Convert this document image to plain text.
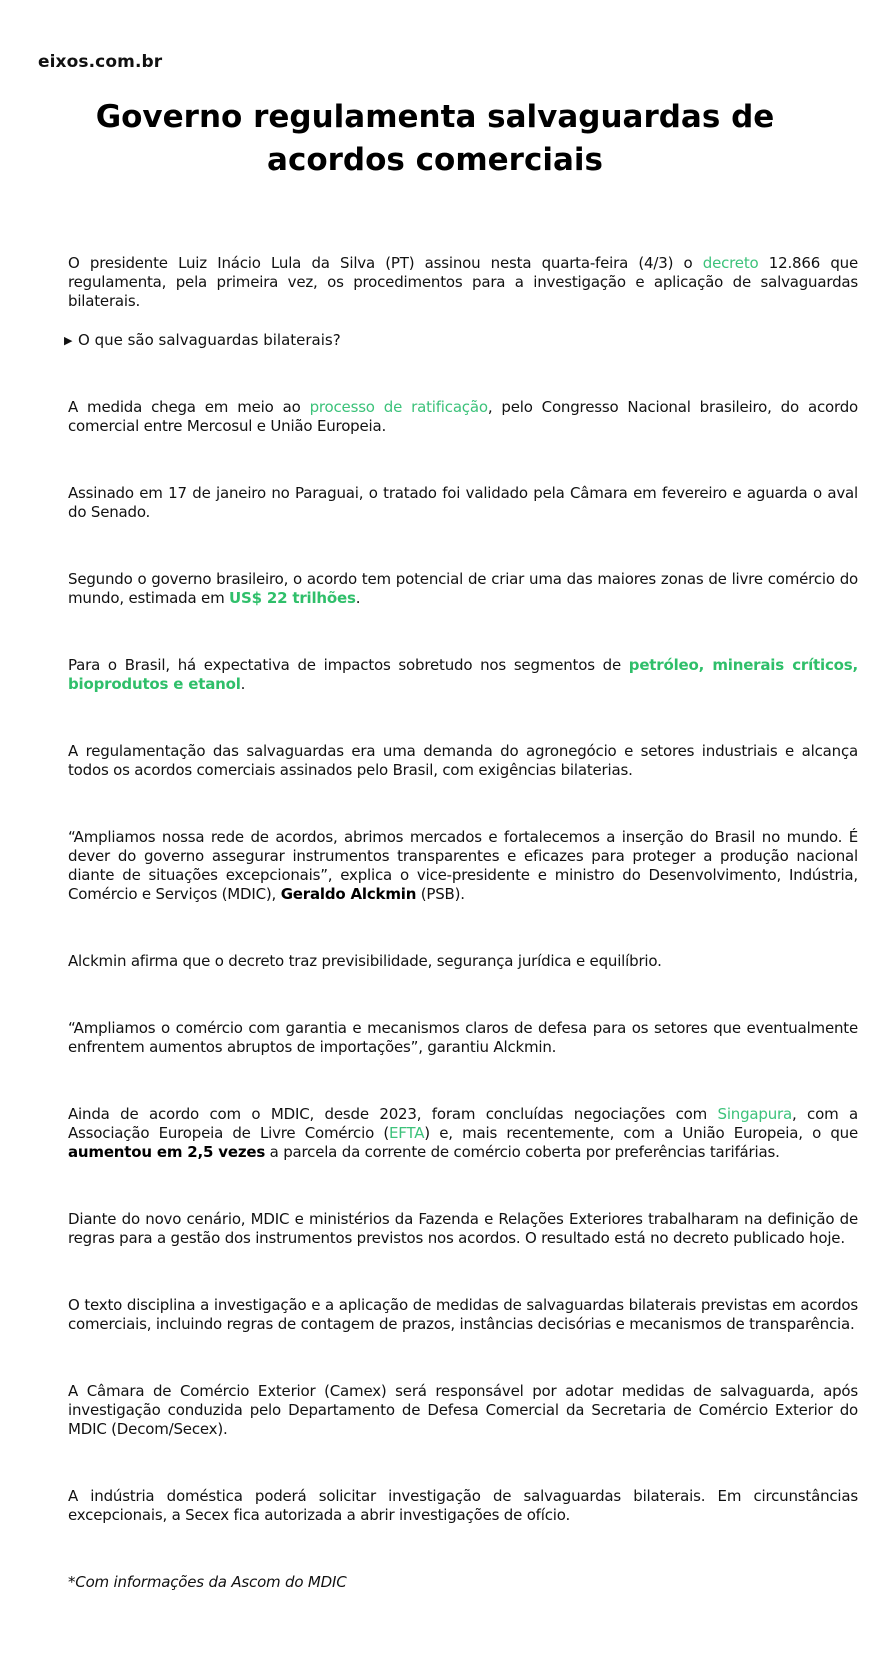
eixos.com.br
Governo regulamenta salvaguardas de acordos comerciais

O presidente Luiz Inácio Lula da Silva (PT) assinou nesta quarta-feira (4/3) o decreto 12.866 que regulamenta, pela primeira vez, os procedimentos para a investigação e aplicação de salvaguardas bilaterais.

▶ O que são salvaguardas bilaterais?

A medida chega em meio ao processo de ratificação, pelo Congresso Nacional brasileiro, do acordo comercial entre Mercosul e União Europeia.

Assinado em 17 de janeiro no Paraguai, o tratado foi validado pela Câmara em fevereiro e aguarda o aval do Senado.

Segundo o governo brasileiro, o acordo tem potencial de criar uma das maiores zonas de livre comércio do mundo, estimada em US$ 22 trilhões.

Para o Brasil, há expectativa de impactos sobretudo nos segmentos de petróleo, minerais críticos, bioprodutos e etanol.

A regulamentação das salvaguardas era uma demanda do agronegócio e setores industriais e alcança todos os acordos comerciais assinados pelo Brasil, com exigências bilaterias.

“Ampliamos nossa rede de acordos, abrimos mercados e fortalecemos a inserção do Brasil no mundo. É dever do governo assegurar instrumentos transparentes e eficazes para proteger a produção nacional diante de situações excepcionais”, explica o vice-presidente e ministro do Desenvolvimento, Indústria, Comércio e Serviços (MDIC), Geraldo Alckmin (PSB).

Alckmin afirma que o decreto traz previsibilidade, segurança jurídica e equilíbrio.

“Ampliamos o comércio com garantia e mecanismos claros de defesa para os setores que eventualmente enfrentem aumentos abruptos de importações”, garantiu Alckmin.

Ainda de acordo com o MDIC, desde 2023, foram concluídas negociações com Singapura, com a Associação Europeia de Livre Comércio (EFTA) e, mais recentemente, com a União Europeia, o que aumentou em 2,5 vezes a parcela da corrente de comércio coberta por preferências tarifárias.

Diante do novo cenário, MDIC e ministérios da Fazenda e Relações Exteriores trabalharam na definição de regras para a gestão dos instrumentos previstos nos acordos. O resultado está no decreto publicado hoje.

O texto disciplina a investigação e a aplicação de medidas de salvaguardas bilaterais previstas em acordos comerciais, incluindo regras de contagem de prazos, instâncias decisórias e mecanismos de transparência.

A Câmara de Comércio Exterior (Camex) será responsável por adotar medidas de salvaguarda, após investigação conduzida pelo Departamento de Defesa Comercial da Secretaria de Comércio Exterior do MDIC (Decom/Secex).

A indústria doméstica poderá solicitar investigação de salvaguardas bilaterais. Em circunstâncias excepcionais, a Secex fica autorizada a abrir investigações de ofício.

*Com informações da Ascom do MDIC
